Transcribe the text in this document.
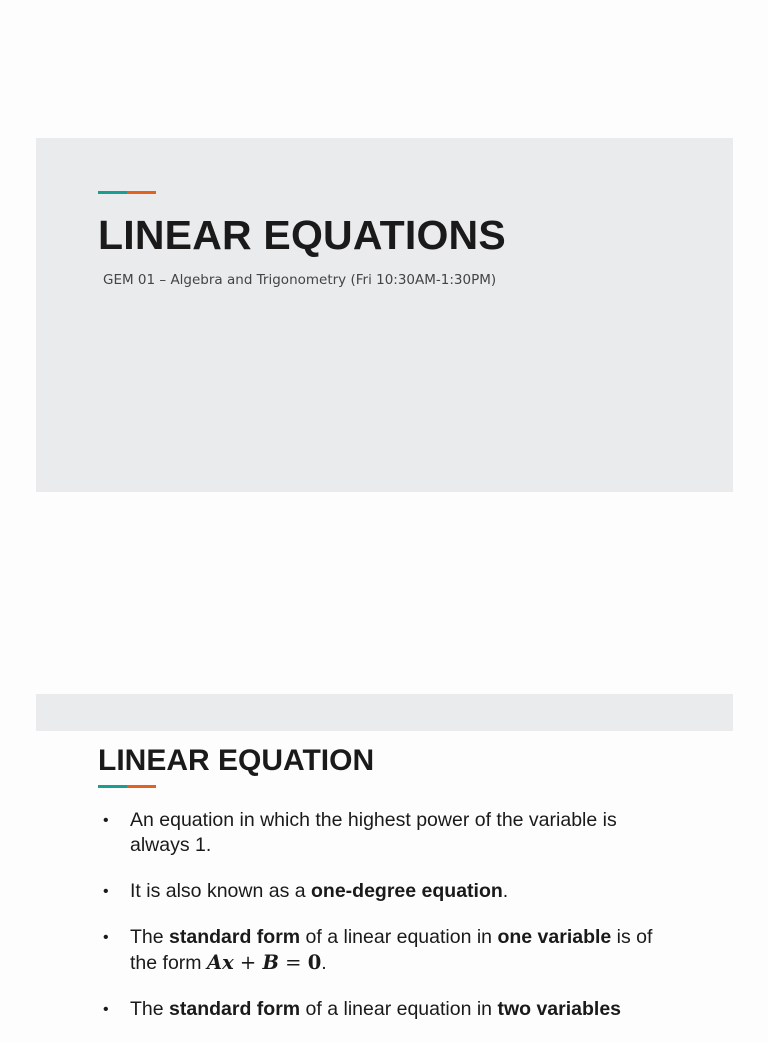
LINEAR EQUATIONS

GEM 01 – Algebra and Trigonometry (Fri 10:30AM-1:30PM)

LINEAR EQUATION
• An equation in which the highest power of the variable is always 1.
• It is also known as a one-degree equation.
• The standard form of a linear equation in one variable is of the form Ax + B = 0.
• The standard form of a linear equation in two variables
